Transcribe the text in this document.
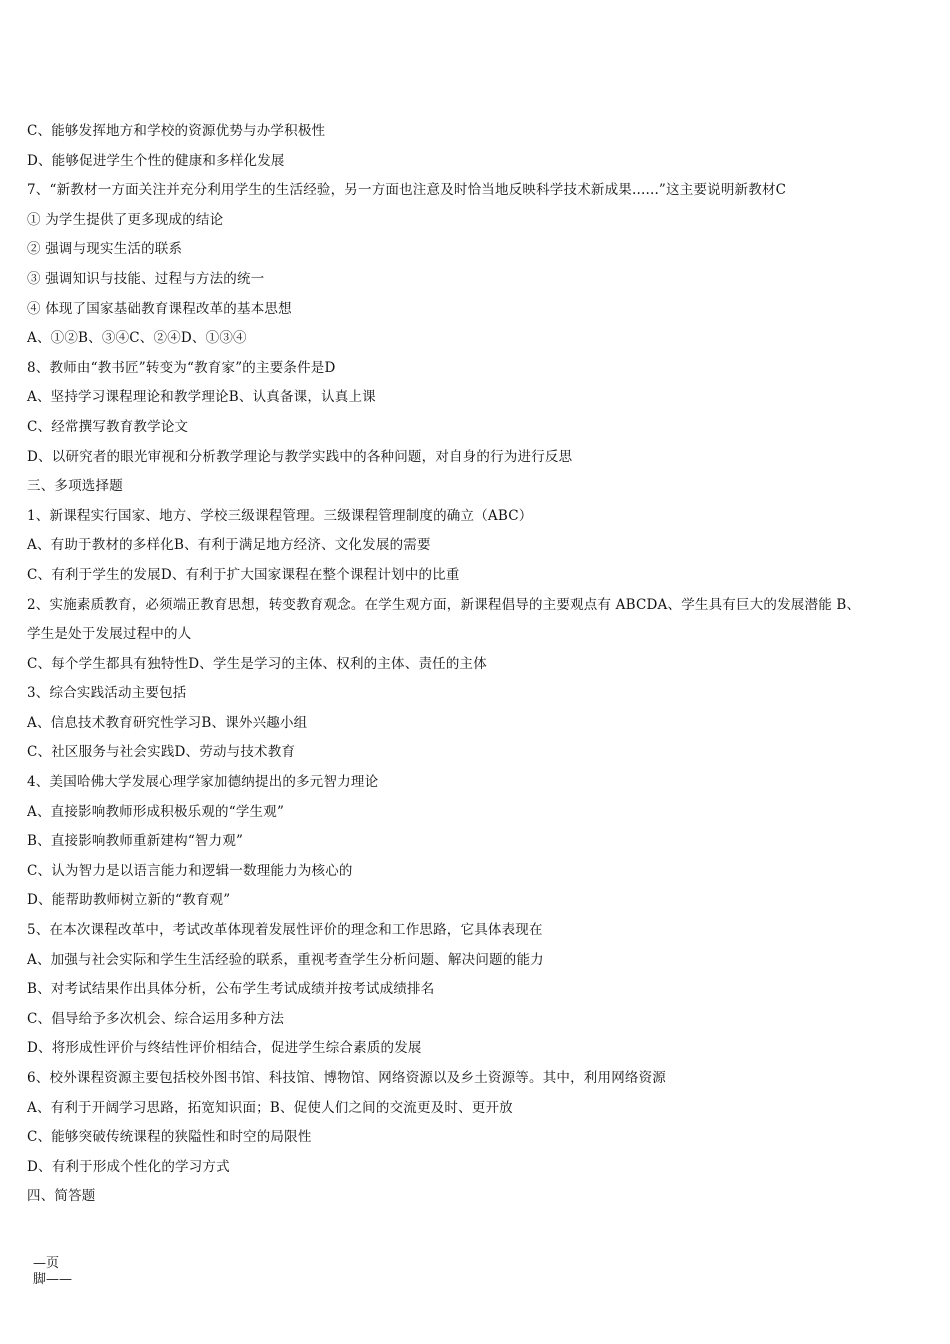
C、能够发挥地方和学校的资源优势与办学积极性
D、能够促进学生个性的健康和多样化发展
7、“新教材一方面关注并充分利用学生的生活经验，另一方面也注意及时恰当地反映科学技术新成果......”这主要说明新教材C
① 为学生提供了更多现成的结论
② 强调与现实生活的联系
③ 强调知识与技能、过程与方法的统一
④ 体现了国家基础教育课程改革的基本思想
A、①②B、③④C、②④D、①③④
8、教师由“教书匠”转变为“教育家”的主要条件是D
A、坚持学习课程理论和教学理论B、认真备课，认真上课
C、经常撰写教育教学论文
D、以研究者的眼光审视和分析教学理论与教学实践中的各种问题，对自身的行为进行反思
三、多项选择题
1、新课程实行国家、地方、学校三级课程管理。三级课程管理制度的确立（ABC）
A、有助于教材的多样化B、有利于满足地方经济、文化发展的需要
C、有利于学生的发展D、有利于扩大国家课程在整个课程计划中的比重
2、实施素质教育，必须端正教育思想，转变教育观念。在学生观方面，新课程倡导的主要观点有 ABCDA、学生具有巨大的发展潜能 B、
学生是处于发展过程中的人
C、每个学生都具有独特性D、学生是学习的主体、权利的主体、责任的主体
3、综合实践活动主要包括
A、信息技术教育研究性学习B、课外兴趣小组
C、社区服务与社会实践D、劳动与技术教育
4、美国哈佛大学发展心理学家加德纳提出的多元智力理论
A、直接影响教师形成积极乐观的“学生观”
B、直接影响教师重新建构“智力观”
C、认为智力是以语言能力和逻辑一数理能力为核心的
D、能帮助教师树立新的“教育观”
5、在本次课程改革中，考试改革体现着发展性评价的理念和工作思路，它具体表现在
A、加强与社会实际和学生生活经验的联系，重视考查学生分析问题、解决问题的能力
B、对考试结果作出具体分析，公布学生考试成绩并按考试成绩排名
C、倡导给予多次机会、综合运用多种方法
D、将形成性评价与终结性评价相结合，促进学生综合素质的发展
6、校外课程资源主要包括校外图书馆、科技馆、博物馆、网络资源以及乡土资源等。其中，利用网络资源
A、有利于开阔学习思路，拓宽知识面；B、促使人们之间的交流更及时、更开放
C、能够突破传统课程的狭隘性和时空的局限性
D、有利于形成个性化的学习方式
四、简答题
—页
脚——
